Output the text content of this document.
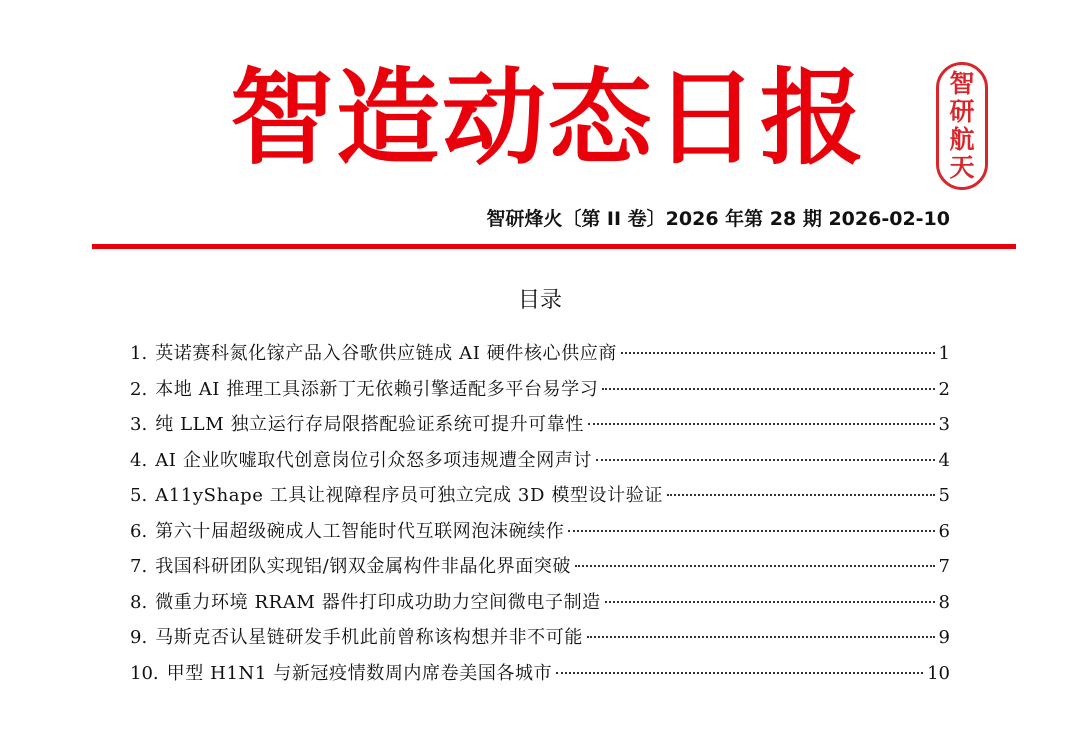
智造动态日报	智
研
航
天
智研烽火〔第 II 卷〕2026 年第 28 期 2026-02-10
目录
1. 英诺赛科氮化镓产品入谷歌供应链成 AI 硬件核心供应商	1
2. 本地 AI 推理工具添新丁无依赖引擎适配多平台易学习	2
3. 纯 LLM 独立运行存局限搭配验证系统可提升可靠性	3
4. AI 企业吹嘘取代创意岗位引众怒多项违规遭全网声讨	4
5. A11yShape 工具让视障程序员可独立完成 3D 模型设计验证	5
6. 第六十届超级碗成人工智能时代互联网泡沫碗续作	6
7. 我国科研团队实现铝/钢双金属构件非晶化界面突破	7
8. 微重力环境 RRAM 器件打印成功助力空间微电子制造	8
9. 马斯克否认星链研发手机此前曾称该构想并非不可能	9
10. 甲型 H1N1 与新冠疫情数周内席卷美国各城市	10
